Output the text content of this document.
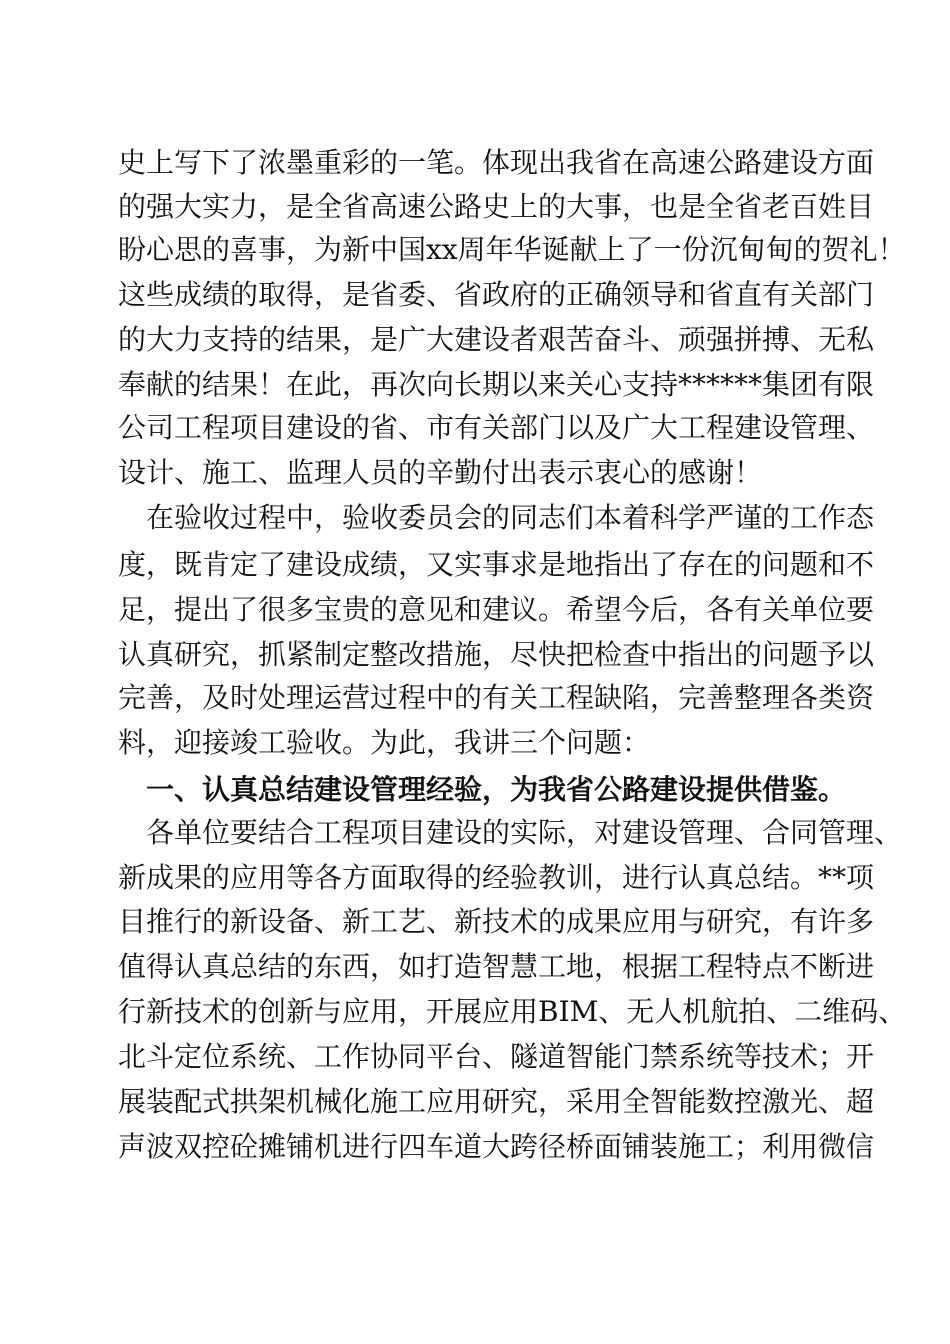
史上写下了浓墨重彩的一笔。体现出我省在高速公路建设方面
的强大实力，是全省高速公路史上的大事，也是全省老百姓目
盼心思的喜事，为新中国xx周年华诞献上了一份沉甸甸的贺礼！
这些成绩的取得，是省委、省政府的正确领导和省直有关部门
的大力支持的结果，是广大建设者艰苦奋斗、顽强拼搏、无私
奉献的结果！在此，再次向长期以来关心支持******集团有限
公司工程项目建设的省、市有关部门以及广大工程建设管理、
设计、施工、监理人员的辛勤付出表示衷心的感谢！
在验收过程中，验收委员会的同志们本着科学严谨的工作态
度，既肯定了建设成绩，又实事求是地指出了存在的问题和不
足，提出了很多宝贵的意见和建议。希望今后，各有关单位要
认真研究，抓紧制定整改措施，尽快把检查中指出的问题予以
完善，及时处理运营过程中的有关工程缺陷，完善整理各类资
料，迎接竣工验收。为此，我讲三个问题：
一、认真总结建设管理经验，为我省公路建设提供借鉴。
各单位要结合工程项目建设的实际，对建设管理、合同管理、
新成果的应用等各方面取得的经验教训，进行认真总结。**项
目推行的新设备、新工艺、新技术的成果应用与研究，有许多
值得认真总结的东西，如打造智慧工地，根据工程特点不断进
行新技术的创新与应用，开展应用BIM、无人机航拍、二维码、
北斗定位系统、工作协同平台、隧道智能门禁系统等技术；开
展装配式拱架机械化施工应用研究，采用全智能数控激光、超
声波双控砼摊铺机进行四车道大跨径桥面铺装施工；利用微信
